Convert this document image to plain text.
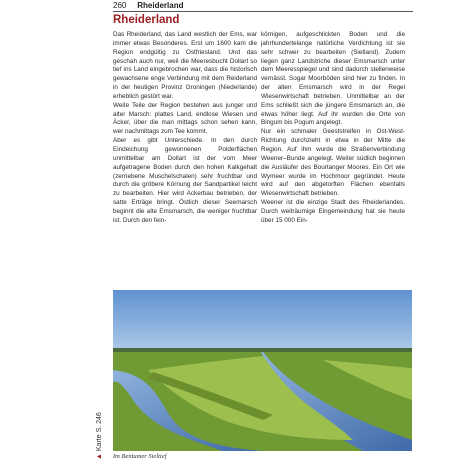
260 Rheiderland
Rheiderland

Das Rheiderland, das Land westlich der Ems, war immer etwas Besonderes. Erst um 1600 kam die Region endgültig zu Ostfriesland. Und das geschah auch nur, weil die Meeresbucht Dollart so tief ins Land eingebrochen war, dass die historisch gewachsene enge Verbindung mit dem Reiderland in der heutigen Provinz Groningen (Niederlande) erheblich gestört war.

Weite Teile der Region bestehen aus junger und alter Marsch: plattes Land, endlose Wiesen und Äcker, über die man mittags schon sehen kann, wer nachmittags zum Tee kommt.

Aber es gibt Unterschiede. In den durch Eindeichung gewonnenen Polderflächen unmittelbar am Dollart ist der vom Meer aufgetragene Boden durch den hohen Kalkgehalt (zerriebene Muschelschalen) sehr fruchtbar und durch die gröbere Körnung der Sandpartikel leicht zu bearbeiten. Hier wird Ackerbau betrieben, der satte Erträge bringt. Östlich dieser Seemarsch beginnt die alte Emsmarsch, die weniger fruchtbar ist. Durch den fein-

körnigen, aufgeschlickten Boden und die jahrhundertelange natürliche Verdichtung ist sie sehr schwer zu bearbeiten (Sietland). Zudem liegen ganz Landstriche dieser Emsmarsch unter dem Meeresspiegel und sind dadurch stellenweise vernässt. Sogar Moorböden sind hier zu finden. In der alten Emsmarsch wird in der Regel Wiesenwirtschaft betrieben. Unmittelbar an der Ems schließt sich die jüngere Emsmarsch an, die etwas höher liegt. Auf ihr wurden die Orte von Bingum bis Pogum angelegt.

Nur ein schmaler Geeststreifen in Ost-West-Richtung durchzieht in etwa in der Mitte die Region. Auf ihm wurde die Straßenverbindung Weener–Bunde angelegt. Weiter südlich beginnen die Ausläufer des Bourtanger Moores. Ein Ort wie Wymeer wurde im Hochmoor gegründet. Heute wird auf den abgetorften Flächen ebenfalls Wiesenwirtschaft betrieben.

Weener ist die einzige Stadt des Rheiderlandes. Durch weiträumige Eingemeindung hat sie heute über 15 000 Ein-

Im Bentumer Sieltief
▲ Karte S. 246
